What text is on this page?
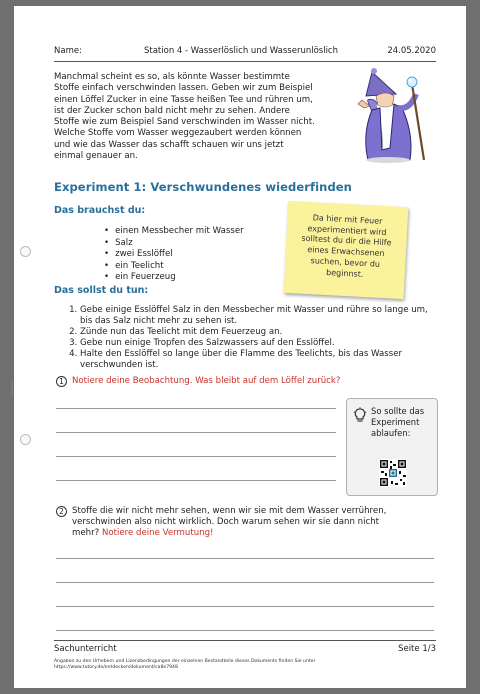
anonym
Name:	Station 4 - Wasserlöslich und Wasserunlöslich	24.05.2020
Manchmal scheint es so, als könnte Wasser bestimmte
Stoffe einfach verschwinden lassen. Geben wir zum Beispiel
einen Löffel Zucker in eine Tasse heißen Tee und rühren um,
ist der Zucker schon bald nicht mehr zu sehen. Andere
Stoffe wie zum Beispiel Sand verschwinden im Wasser nicht.
Welche Stoffe vom Wasser weggezaubert werden können
und wie das Wasser das schafft schauen wir uns jetzt
einmal genauer an.
Experiment 1: Verschwundenes wiederfinden
Das brauchst du:
• einen Messbecher mit Wasser
• Salz
• zwei Esslöffel
• ein Teelicht
• ein Feuerzeug
Da hier mit Feuer
experimentiert wird
solltest du dir die Hilfe
eines Erwachsenen
suchen, bevor du
beginnst.
Das sollst du tun:
1. Gebe einige Esslöffel Salz in den Messbecher mit Wasser und rühre so lange um, bis das Salz nicht mehr zu sehen ist.
2. Zünde nun das Teelicht mit dem Feuerzeug an.
3. Gebe nun einige Tropfen des Salzwassers auf den Esslöffel.
4. Halte den Esslöffel so lange über die Flamme des Teelichts, bis das Wasser verschwunden ist.
1 Notiere deine Beobachtung. Was bleibt auf dem Löffel zurück?
So sollte das
Experiment
ablaufen:
2 Stoffe die wir nicht mehr sehen, wenn wir sie mit dem Wasser verrühren,
verschwinden also nicht wirklich. Doch warum sehen wir sie dann nicht
mehr? Notiere deine Vermutung!
Sachunterricht	Seite 1/3
Angaben zu den Urhebern und Lizenzbedingungen der einzelnen Bestandteile dieses Dokuments finden Sie unter
https://www.tutory.de/entdecken/dokument/ca8e7948
